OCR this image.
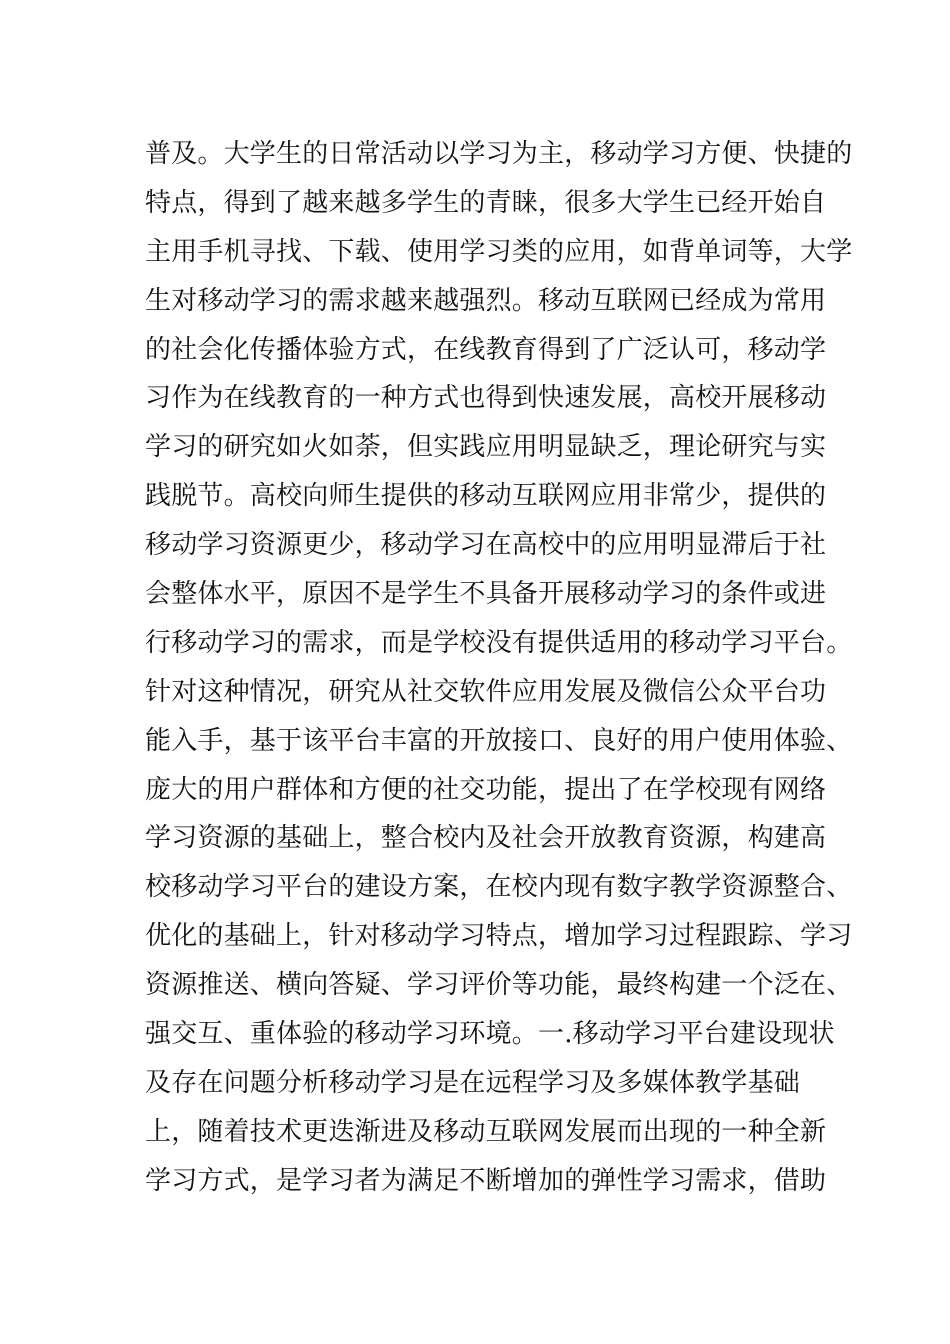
普及。大学生的日常活动以学习为主，移动学习方便、快捷的
特点，得到了越来越多学生的青睐，很多大学生已经开始自
主用手机寻找、下载、使用学习类的应用，如背单词等，大学
生对移动学习的需求越来越强烈。移动互联网已经成为常用
的社会化传播体验方式，在线教育得到了广泛认可，移动学
习作为在线教育的一种方式也得到快速发展，高校开展移动
学习的研究如火如荼，但实践应用明显缺乏，理论研究与实
践脱节。高校向师生提供的移动互联网应用非常少，提供的
移动学习资源更少，移动学习在高校中的应用明显滞后于社
会整体水平，原因不是学生不具备开展移动学习的条件或进
行移动学习的需求，而是学校没有提供适用的移动学习平台。
针对这种情况，研究从社交软件应用发展及微信公众平台功
能入手，基于该平台丰富的开放接口、良好的用户使用体验、
庞大的用户群体和方便的社交功能，提出了在学校现有网络
学习资源的基础上，整合校内及社会开放教育资源，构建高
校移动学习平台的建设方案，在校内现有数字教学资源整合、
优化的基础上，针对移动学习特点，增加学习过程跟踪、学习
资源推送、横向答疑、学习评价等功能，最终构建一个泛在、
强交互、重体验的移动学习环境。一.移动学习平台建设现状
及存在问题分析移动学习是在远程学习及多媒体教学基础
上，随着技术更迭渐进及移动互联网发展而出现的一种全新
学习方式，是学习者为满足不断增加的弹性学习需求，借助
